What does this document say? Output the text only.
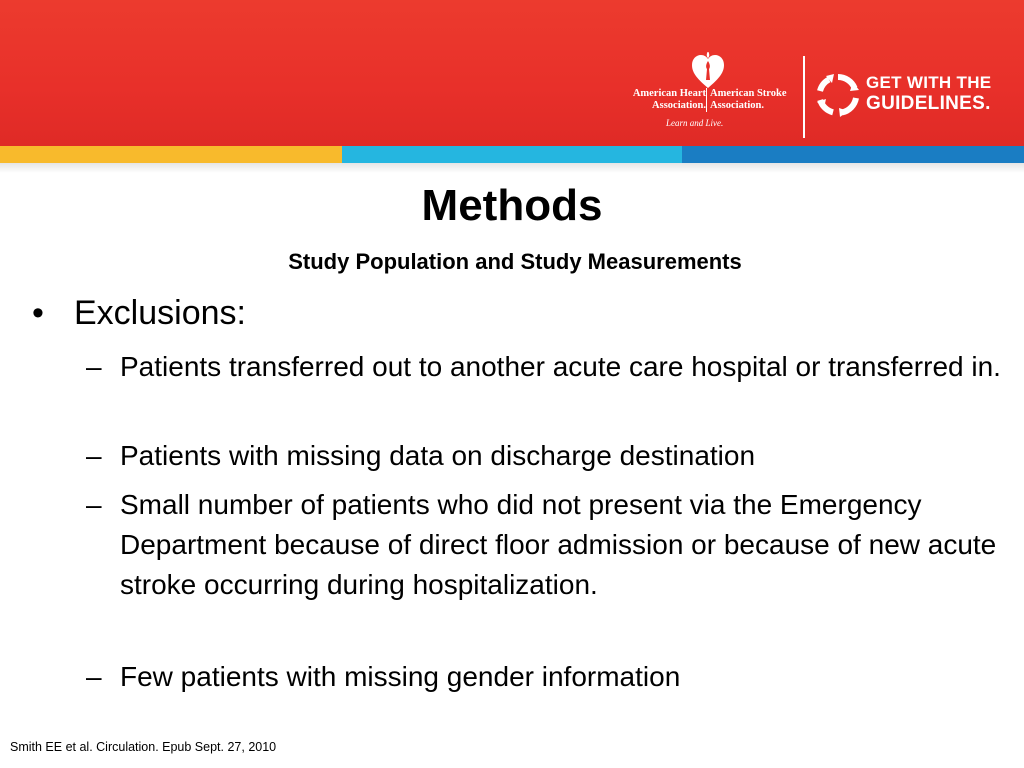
American Heart
Association.
American Stroke
Association.
Learn and Live.
GET WITH THE
GUIDELINES.
Methods
Study Population and Study Measurements
• Exclusions:
– Patients transferred out to another acute care hospital or transferred in.
– Patients with missing data on discharge destination
– Small number of patients who did not present via the Emergency Department because of direct floor admission or because of new acute stroke occurring during hospitalization.
– Few patients with missing gender information
Smith EE et al. Circulation. Epub Sept. 27, 2010
